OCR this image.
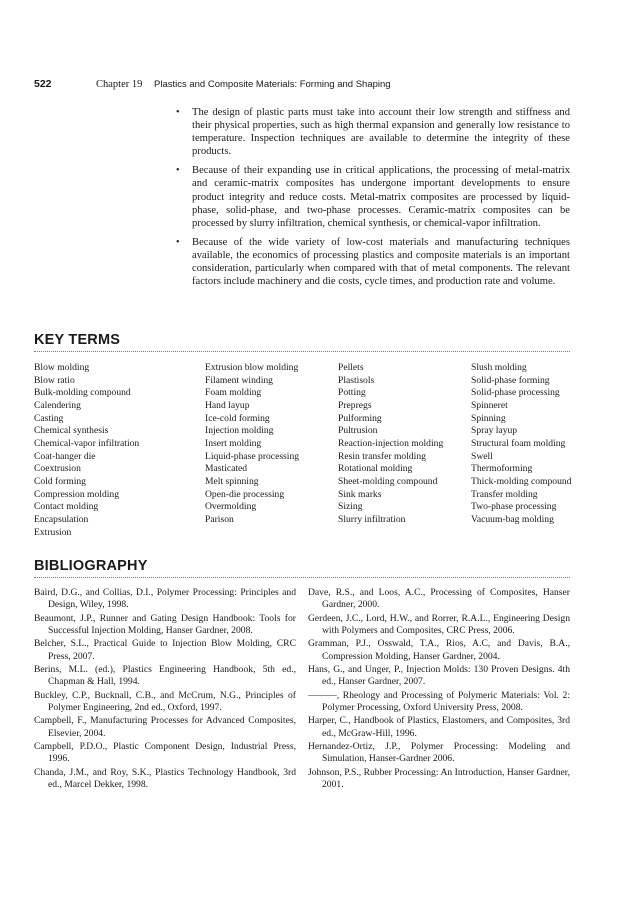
522	Chapter 19 Plastics and Composite Materials: Forming and Shaping
• The design of plastic parts must take into account their low strength and stiffness and their physical properties, such as high thermal expansion and generally low resistance to temperature. Inspection techniques are available to determine the integrity of these products.
• Because of their expanding use in critical applications, the processing of metal-matrix and ceramic-matrix composites has undergone important developments to ensure product integrity and reduce costs. Metal-matrix composites are processed by liquid-phase, solid-phase, and two-phase processes. Ceramic-matrix composites can be processed by slurry infiltration, chemical synthesis, or chemical-vapor infiltration.
• Because of the wide variety of low-cost materials and manufacturing techniques available, the economics of processing plastics and composite materials is an important consideration, particularly when compared with that of metal components. The relevant factors include machinery and die costs, cycle times, and production rate and volume.
KEY TERMS
Blow molding
Blow ratio
Bulk-molding compound
Calendering
Casting
Chemical synthesis
Chemical-vapor infiltration
Coat-hanger die
Coextrusion
Cold forming
Compression molding
Contact molding
Encapsulation
Extrusion
Extrusion blow molding
Filament winding
Foam molding
Hand layup
Ice-cold forming
Injection molding
Insert molding
Liquid-phase processing
Masticated
Melt spinning
Open-die processing
Overmolding
Parison
Pellets
Plastisols
Potting
Prepregs
Pulforming
Pultrusion
Reaction-injection molding
Resin transfer molding
Rotational molding
Sheet-molding compound
Sink marks
Sizing
Slurry infiltration
Slush molding
Solid-phase forming
Solid-phase processing
Spinneret
Spinning
Spray layup
Structural foam molding
Swell
Thermoforming
Thick-molding compound
Transfer molding
Two-phase processing
Vacuum-bag molding
BIBLIOGRAPHY

Baird, D.G., and Collias, D.I., Polymer Processing: Principles and Design, Wiley, 1998.

Beaumont, J.P., Runner and Gating Design Handbook: Tools for Successful Injection Molding, Hanser Gardner, 2008.

Belcher, S.L., Practical Guide to Injection Blow Molding, CRC Press, 2007.

Berins, M.L. (ed.), Plastics Engineering Handbook, 5th ed., Chapman & Hall, 1994.

Buckley, C.P., Bucknall, C.B., and McCrum, N.G., Principles of Polymer Engineering, 2nd ed., Oxford, 1997.

Campbell, F., Manufacturing Processes for Advanced Composites, Elsevier, 2004.

Campbell, P.D.O., Plastic Component Design, Industrial Press, 1996.

Chanda, J.M., and Roy, S.K., Plastics Technology Handbook, 3rd ed., Marcel Dekker, 1998.

Dave, R.S., and Loos, A.C., Processing of Composites, Hanser Gardner, 2000.

Gerdeen, J.C., Lord, H.W., and Rorrer, R.A.L., Engineering Design with Polymers and Composites, CRC Press, 2006.

Gramman, P.J., Osswald, T.A., Rios, A.C, and Davis, B.A., Compression Molding, Hanser Gardner, 2004.

Hans, G., and Unger, P., Injection Molds: 130 Proven Designs. 4th ed., Hanser Gardner, 2007.

———, Rheology and Processing of Polymeric Materials: Vol. 2: Polymer Processing, Oxford University Press, 2008.

Harper, C., Handbook of Plastics, Elastomers, and Composites, 3rd ed., McGraw-Hill, 1996.

Hernandez-Ortiz, J.P., Polymer Processing: Modeling and Simulation, Hanser-Gardner 2006.

Johnson, P.S., Rubber Processing: An Introduction, Hanser Gardner, 2001.
